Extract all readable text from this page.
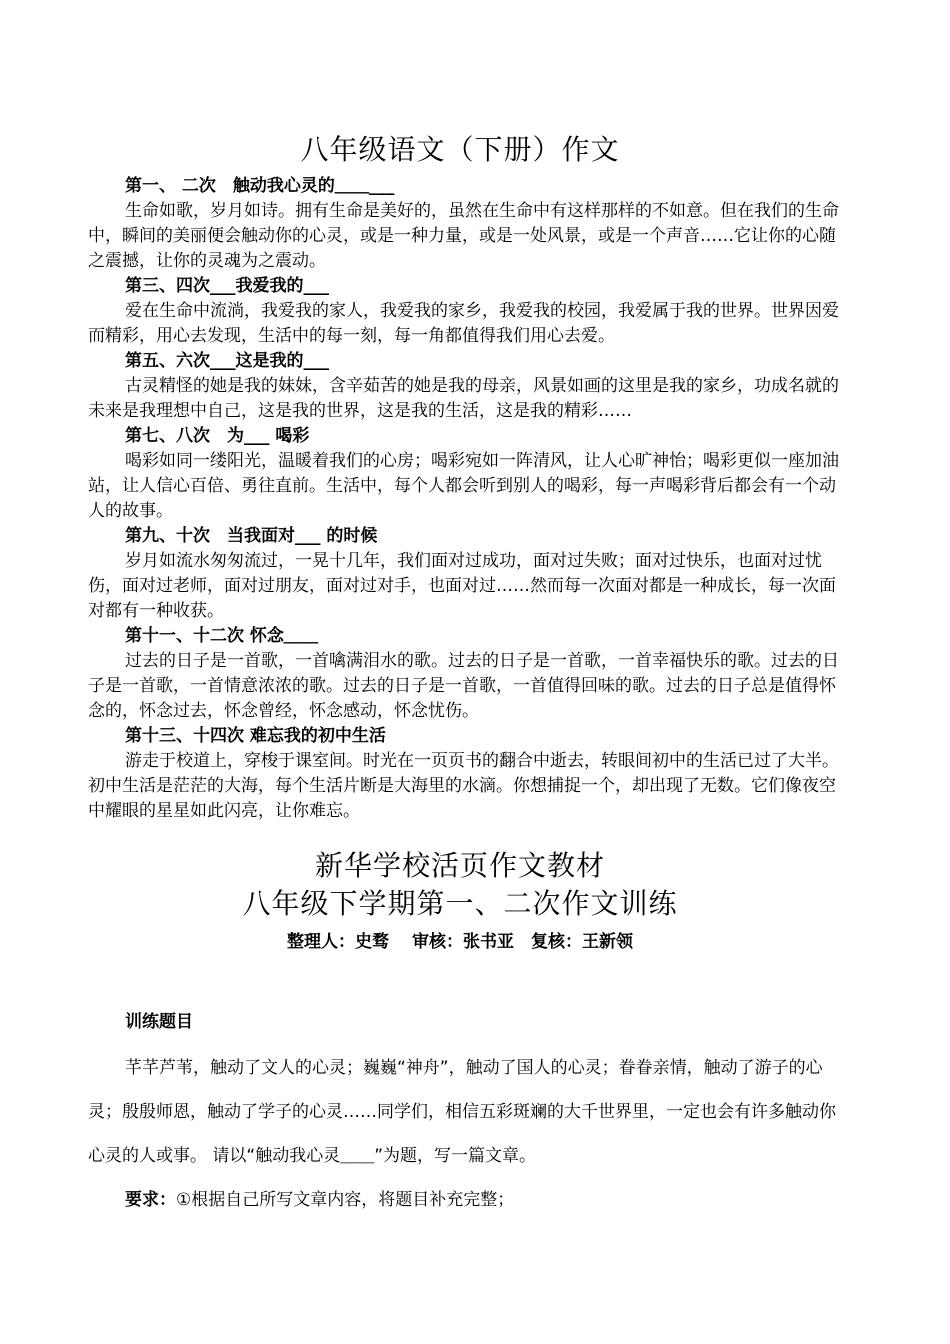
八年级语文（下册）作文
第一、 二次　触动我心灵的＿＿___

生命如歌，岁月如诗。拥有生命是美好的，虽然在生命中有这样那样的不如意。但在我们的生命中，瞬间的美丽便会触动你的心灵，或是一种力量，或是一处风景，或是一个声音……它让你的心随之震撼，让你的灵魂为之震动。

第三、四次___我爱我的___

爱在生命中流淌，我爱我的家人，我爱我的家乡，我爱我的校园，我爱属于我的世界。世界因爱而精彩，用心去发现，生活中的每一刻，每一角都值得我们用心去爱。

第五、六次___这是我的___

古灵精怪的她是我的妹妹，含辛茹苦的她是我的母亲，风景如画的这里是我的家乡，功成名就的未来是我理想中自己，这是我的世界，这是我的生活，这是我的精彩……

第七、八次　为___ 喝彩

喝彩如同一缕阳光，温暖着我们的心房；喝彩宛如一阵清风，让人心旷神怡；喝彩更似一座加油站，让人信心百倍、勇往直前。生活中，每个人都会听到别人的喝彩，每一声喝彩背后都会有一个动人的故事。

第九、十次　当我面对___ 的时候

岁月如流水匆匆流过，一晃十几年，我们面对过成功，面对过失败；面对过快乐，也面对过忧伤，面对过老师，面对过朋友，面对过对手，也面对过……然而每一次面对都是一种成长，每一次面对都有一种收获。

第十一、十二次 怀念＿＿

过去的日子是一首歌，一首噙满泪水的歌。过去的日子是一首歌，一首幸福快乐的歌。过去的日子是一首歌，一首情意浓浓的歌。过去的日子是一首歌，一首值得回味的歌。过去的日子总是值得怀念的，怀念过去，怀念曾经，怀念感动，怀念忧伤。

第十三、十四次 难忘我的初中生活

游走于校道上，穿梭于课室间。时光在一页页书的翻合中逝去，转眼间初中的生活已过了大半。初中生活是茫茫的大海，每个生活片断是大海里的水滴。你想捕捉一个，却出现了无数。它们像夜空中耀眼的星星如此闪亮，让你难忘。

新华学校活页作文教材
八年级下学期第一、二次作文训练
整理人：史骛　 审核：张书亚　复核：王新领
训练题目

芊芊芦苇，触动了文人的心灵；巍巍“神舟”，触动了国人的心灵；眷眷亲情，触动了游子的心灵；殷殷师恩，触动了学子的心灵……同学们，相信五彩斑斓的大千世界里，一定也会有许多触动你心灵的人或事。 请以“触动我心灵＿＿”为题，写一篇文章。

要求：①根据自己所写文章内容，将题目补充完整；
